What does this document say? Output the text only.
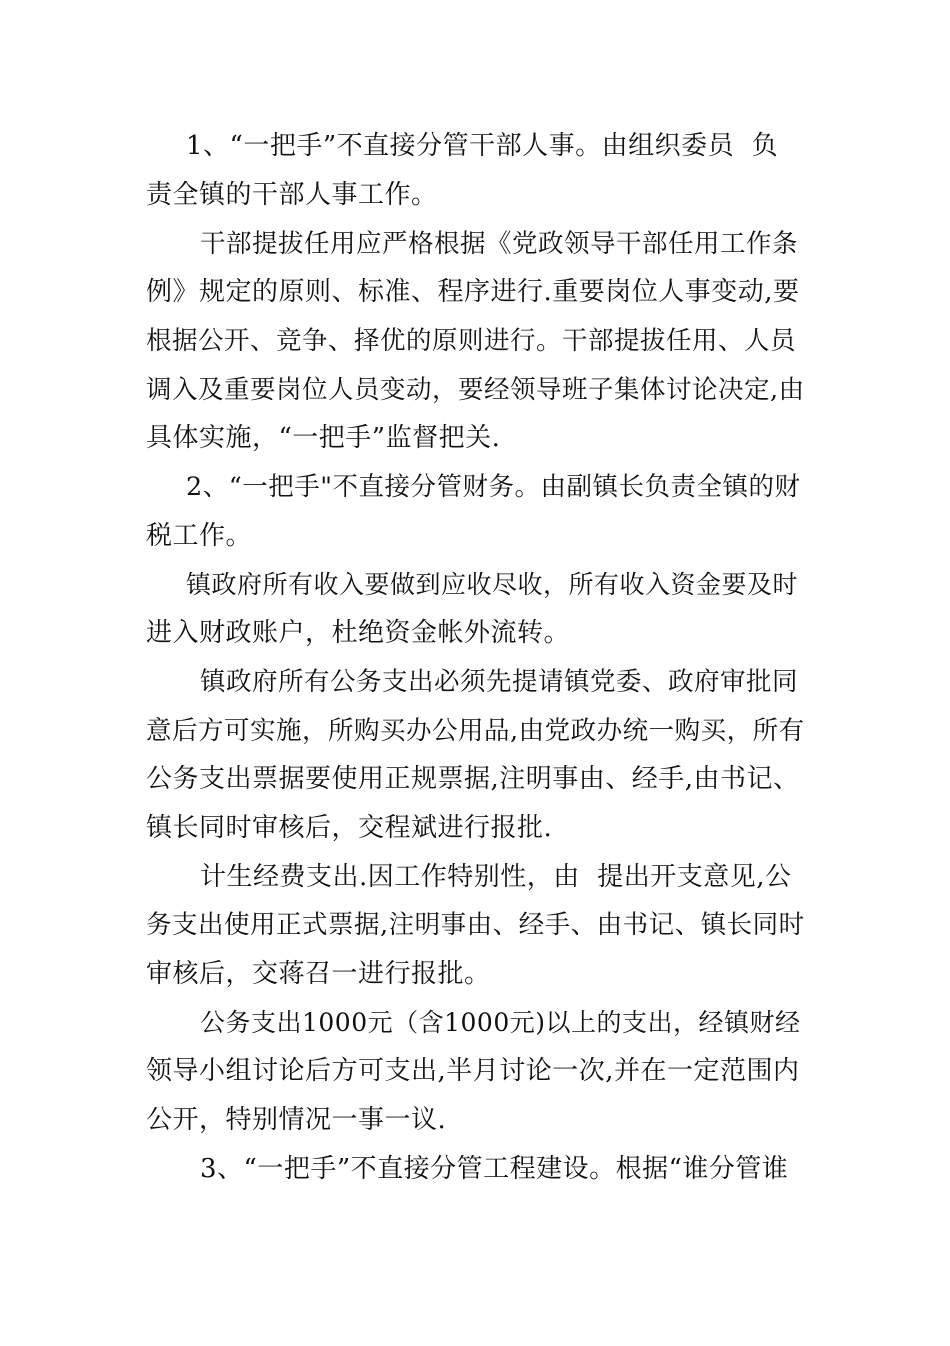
1、“一把手”不直接分管干部人事。由组织委员  负
责全镇的干部人事工作。
干部提拔任用应严格根据《党政领导干部任用工作条
例》规定的原则、标准、程序进行.重要岗位人事变动,要
根据公开、竞争、择优的原则进行。干部提拔任用、人员
调入及重要岗位人员变动，要经领导班子集体讨论决定,由
具体实施，“一把手”监督把关.
2、“一把手"不直接分管财务。由副镇长负责全镇的财
税工作。
镇政府所有收入要做到应收尽收，所有收入资金要及时
进入财政账户，杜绝资金帐外流转。
镇政府所有公务支出必须先提请镇党委、政府审批同
意后方可实施，所购买办公用品,由党政办统一购买，所有
公务支出票据要使用正规票据,注明事由、经手,由书记、
镇长同时审核后，交程斌进行报批.
计生经费支出.因工作特别性，由  提出开支意见,公
务支出使用正式票据,注明事由、经手、由书记、镇长同时
审核后，交蒋召一进行报批。
公务支出1000元（含1000元)以上的支出，经镇财经
领导小组讨论后方可支出,半月讨论一次,并在一定范围内
公开，特别情况一事一议.
3、“一把手”不直接分管工程建设。根据“谁分管谁
